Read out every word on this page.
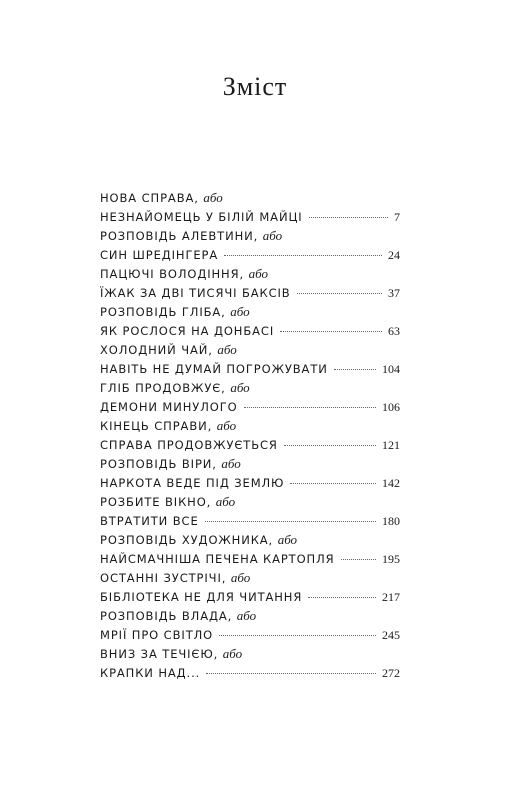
Зміст
НОВА СПРАВА, або
НЕЗНАЙОМЕЦЬ У БІЛІЙ МАЙЦІ	7
РОЗПОВІДЬ АЛЕВТИНИ, або
СИН ШРЕДІНГЕРА	24
ПАЦЮЧІ ВОЛОДІННЯ, або
ЇЖАК ЗА ДВІ ТИСЯЧІ БАКСІВ	37
РОЗПОВІДЬ ГЛІБА, або
ЯК РОСЛОСЯ НА ДОНБАСІ	63
ХОЛОДНИЙ ЧАЙ, або
НАВІТЬ НЕ ДУМАЙ ПОГРОЖУВАТИ	104
ГЛІБ ПРОДОВЖУЄ, або
ДЕМОНИ МИНУЛОГО	106
КІНЕЦЬ СПРАВИ, або
СПРАВА ПРОДОВЖУЄТЬСЯ	121
РОЗПОВІДЬ ВІРИ, або
НАРКОТА ВЕДЕ ПІД ЗЕМЛЮ	142
РОЗБИТЕ ВІКНО, або
ВТРАТИТИ ВСЕ	180
РОЗПОВІДЬ ХУДОЖНИКА, або
НАЙСМАЧНІША ПЕЧЕНА КАРТОПЛЯ	195
ОСТАННІ ЗУСТРІЧІ, або
БІБЛІОТЕКА НЕ ДЛЯ ЧИТАННЯ	217
РОЗПОВІДЬ ВЛАДА, або
МРІЇ ПРО СВІТЛО	245
ВНИЗ ЗА ТЕЧІЄЮ, або
КРАПКИ НАД...	272
